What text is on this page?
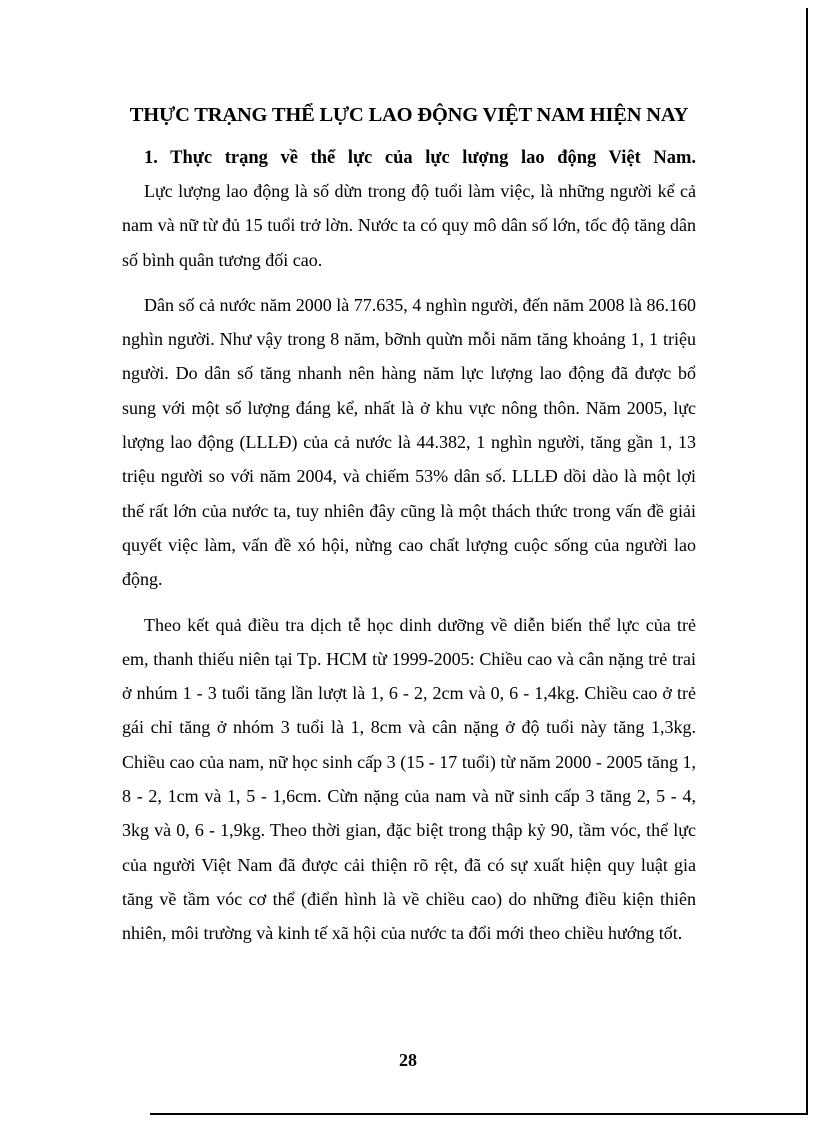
THỰC TRẠNG THỂ LỰC LAO ĐỘNG VIỆT NAM HIỆN NAY
1. Thực trạng về thể lực của lực lượng lao động Việt Nam.

Lực lượng lao động là số dừn trong độ tuổi làm việc, là những người kể cả nam và nữ từ đủ 15 tuổi trở lờn. Nước ta có quy mô dân số lớn, tốc độ tăng dân số bình quân tương đối cao.

Dân số cả nước năm 2000 là 77.635, 4 nghìn người, đến năm 2008 là 86.160 nghìn người. Như vậy trong 8 năm, bỡnh quừn mỗi năm tăng khoảng 1, 1 triệu người. Do dân số tăng nhanh nên hàng năm lực lượng lao động đã được bổ sung với một số lượng đáng kể, nhất là ở khu vực nông thôn. Năm 2005, lực lượng lao động (LLLĐ) của cả nước là 44.382, 1 nghìn người, tăng gần 1, 13 triệu người so với năm 2004, và chiếm 53% dân số. LLLĐ dồi dào là một lợi thế rất lớn của nước ta, tuy nhiên đây cũng là một thách thức trong vấn đề giải quyết việc làm, vấn đề xó hội, nừng cao chất lượng cuộc sống của người lao động.

Theo kết quả điều tra dịch tễ học dinh dưỡng về diễn biến thể lực của trẻ em, thanh thiếu niên tại Tp. HCM từ 1999-2005: Chiều cao và cân nặng trẻ trai ở nhúm 1 - 3 tuổi tăng lần lượt là 1, 6 - 2, 2cm và 0, 6 - 1,4kg. Chiều cao ở trẻ gái chỉ tăng ở nhóm 3 tuổi là 1, 8cm và cân nặng ở độ tuổi này tăng 1,3kg. Chiều cao của nam, nữ học sinh cấp 3 (15 - 17 tuổi) từ năm 2000 - 2005 tăng 1, 8 - 2, 1cm và 1, 5 - 1,6cm. Cừn nặng của nam và nữ sinh cấp 3 tăng 2, 5 - 4, 3kg và 0, 6 - 1,9kg. Theo thời gian, đặc biệt trong thập kỷ 90, tầm vóc, thể lực của người Việt Nam đã được cải thiện rõ rệt, đã có sự xuất hiện quy luật gia tăng về tầm vóc cơ thể (điển hình là về chiều cao) do những điều kiện thiên nhiên, môi trường và kinh tế xã hội của nước ta đổi mới theo chiều hướng tốt.

28
